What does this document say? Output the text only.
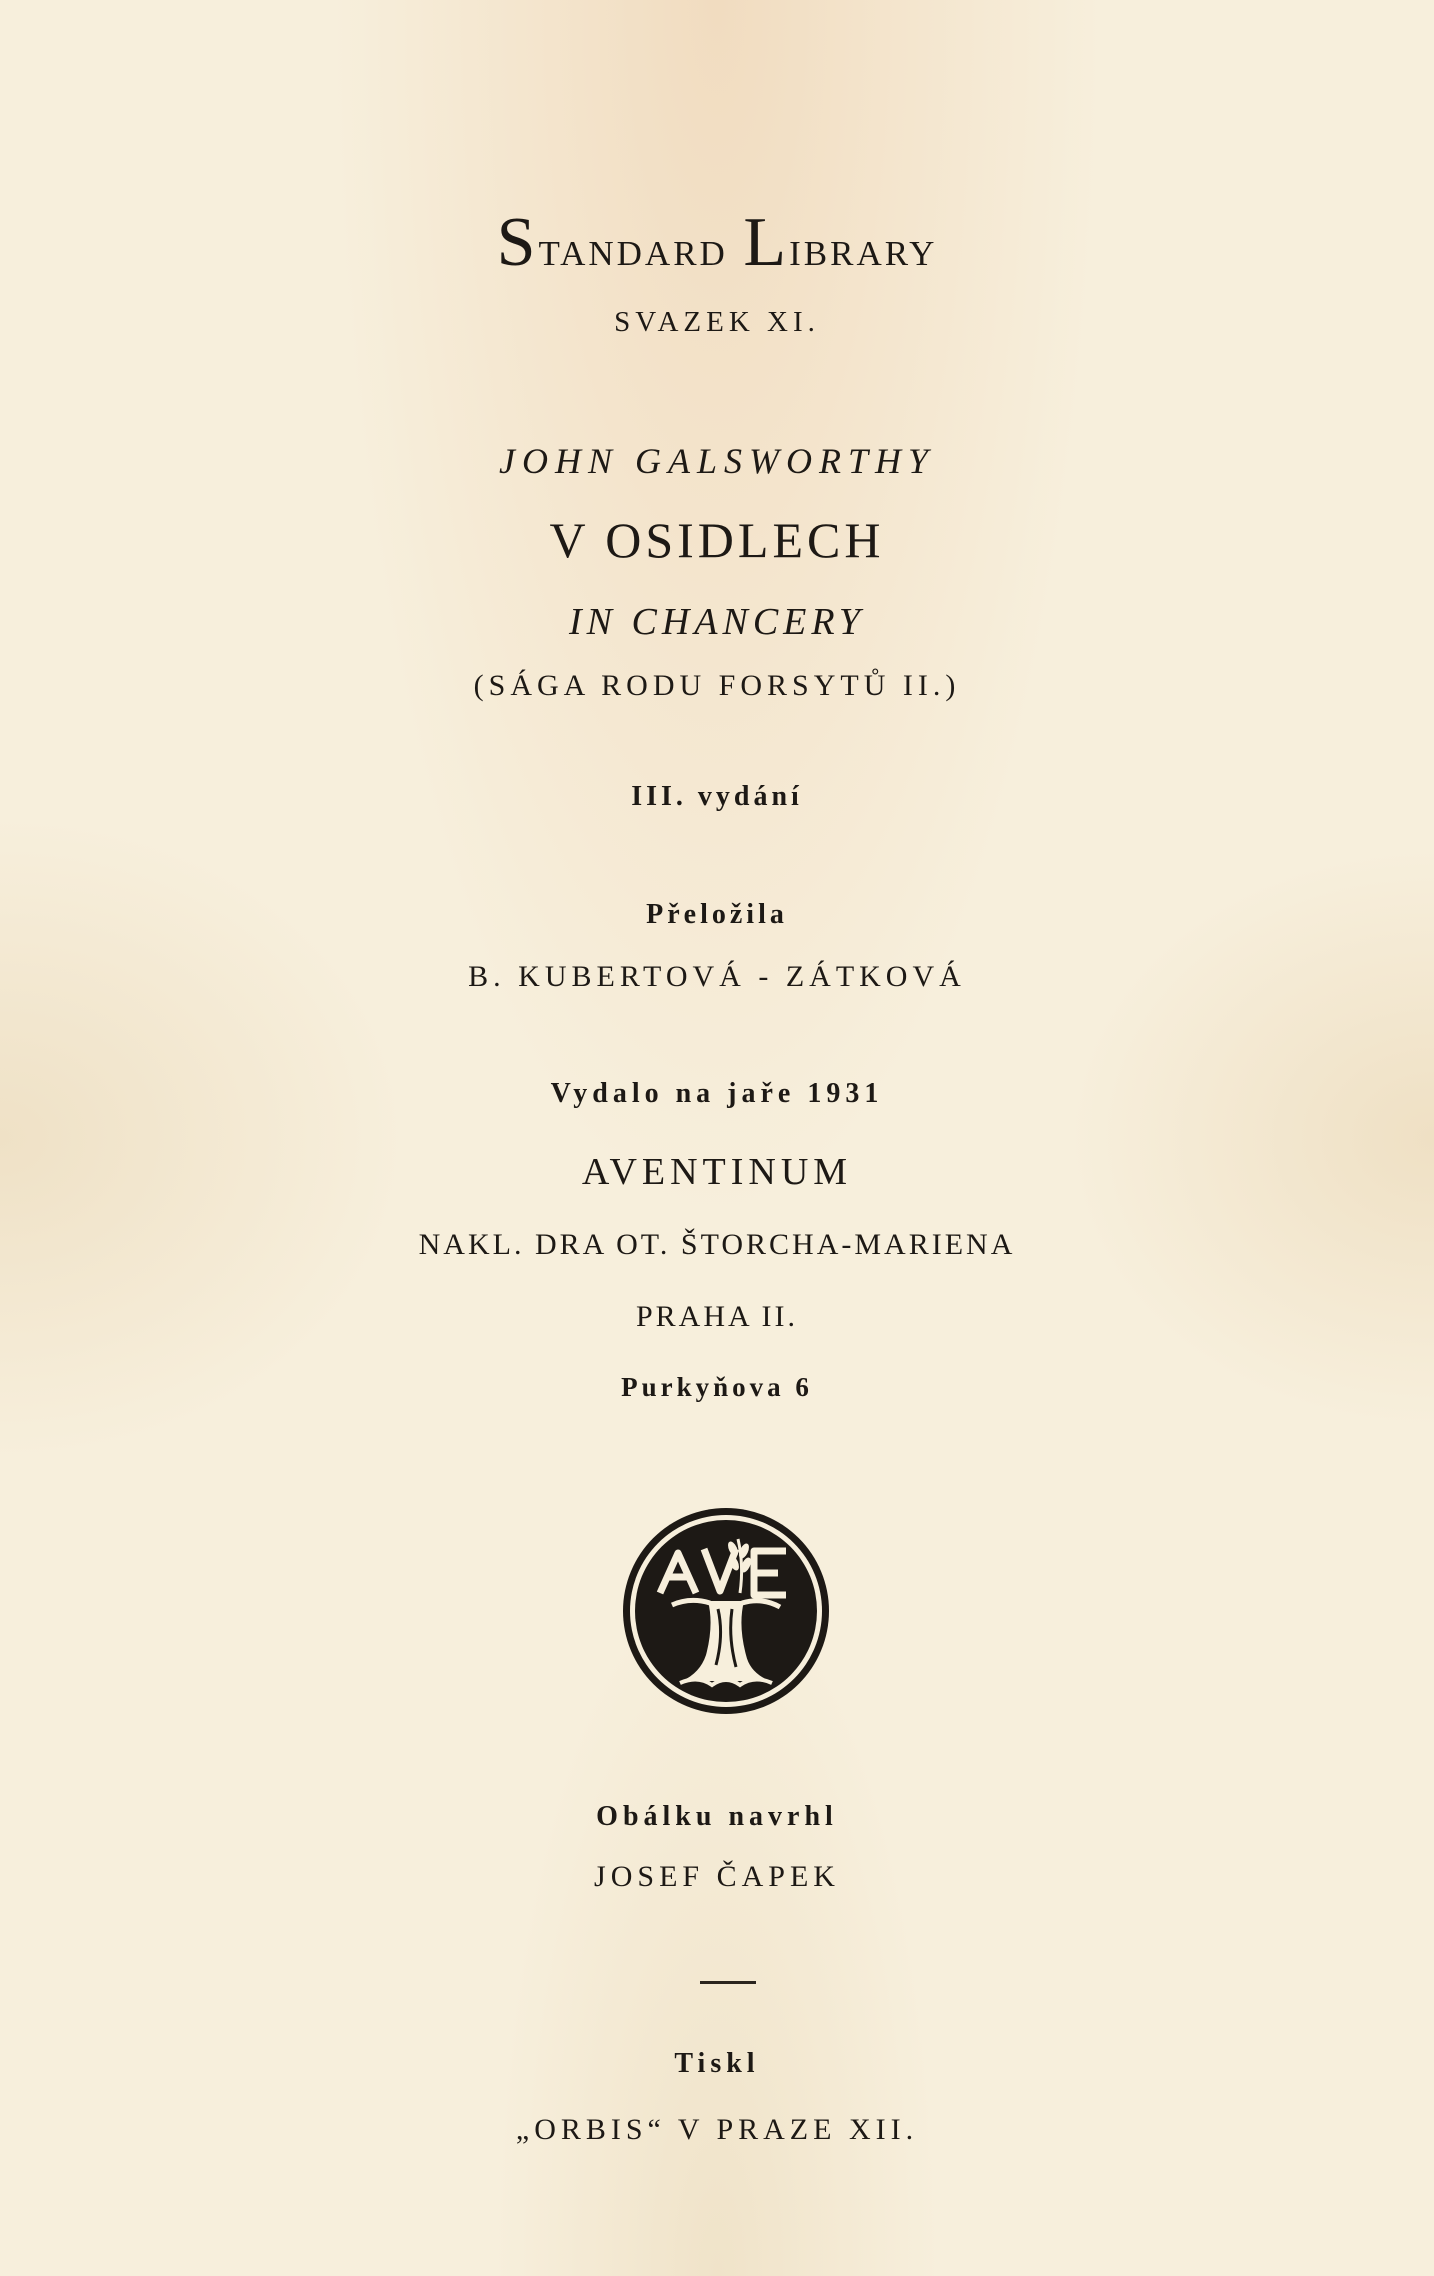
Standard Library
SVAZEK XI.
JOHN GALSWORTHY
V OSIDLECH
IN CHANCERY
(SÁGA RODU FORSYTŮ II.)
III. vydání
Přeložila
B. KUBERTOVÁ - ZÁTKOVÁ
Vydalo na jaře 1931
AVENTINUM
NAKL. DRA OT. ŠTORCHA-MARIENA
PRAHA II.
Purkyňova 6
Obálku navrhl
JOSEF ČAPEK
Tiskl
„ORBIS“ V PRAZE XII.
